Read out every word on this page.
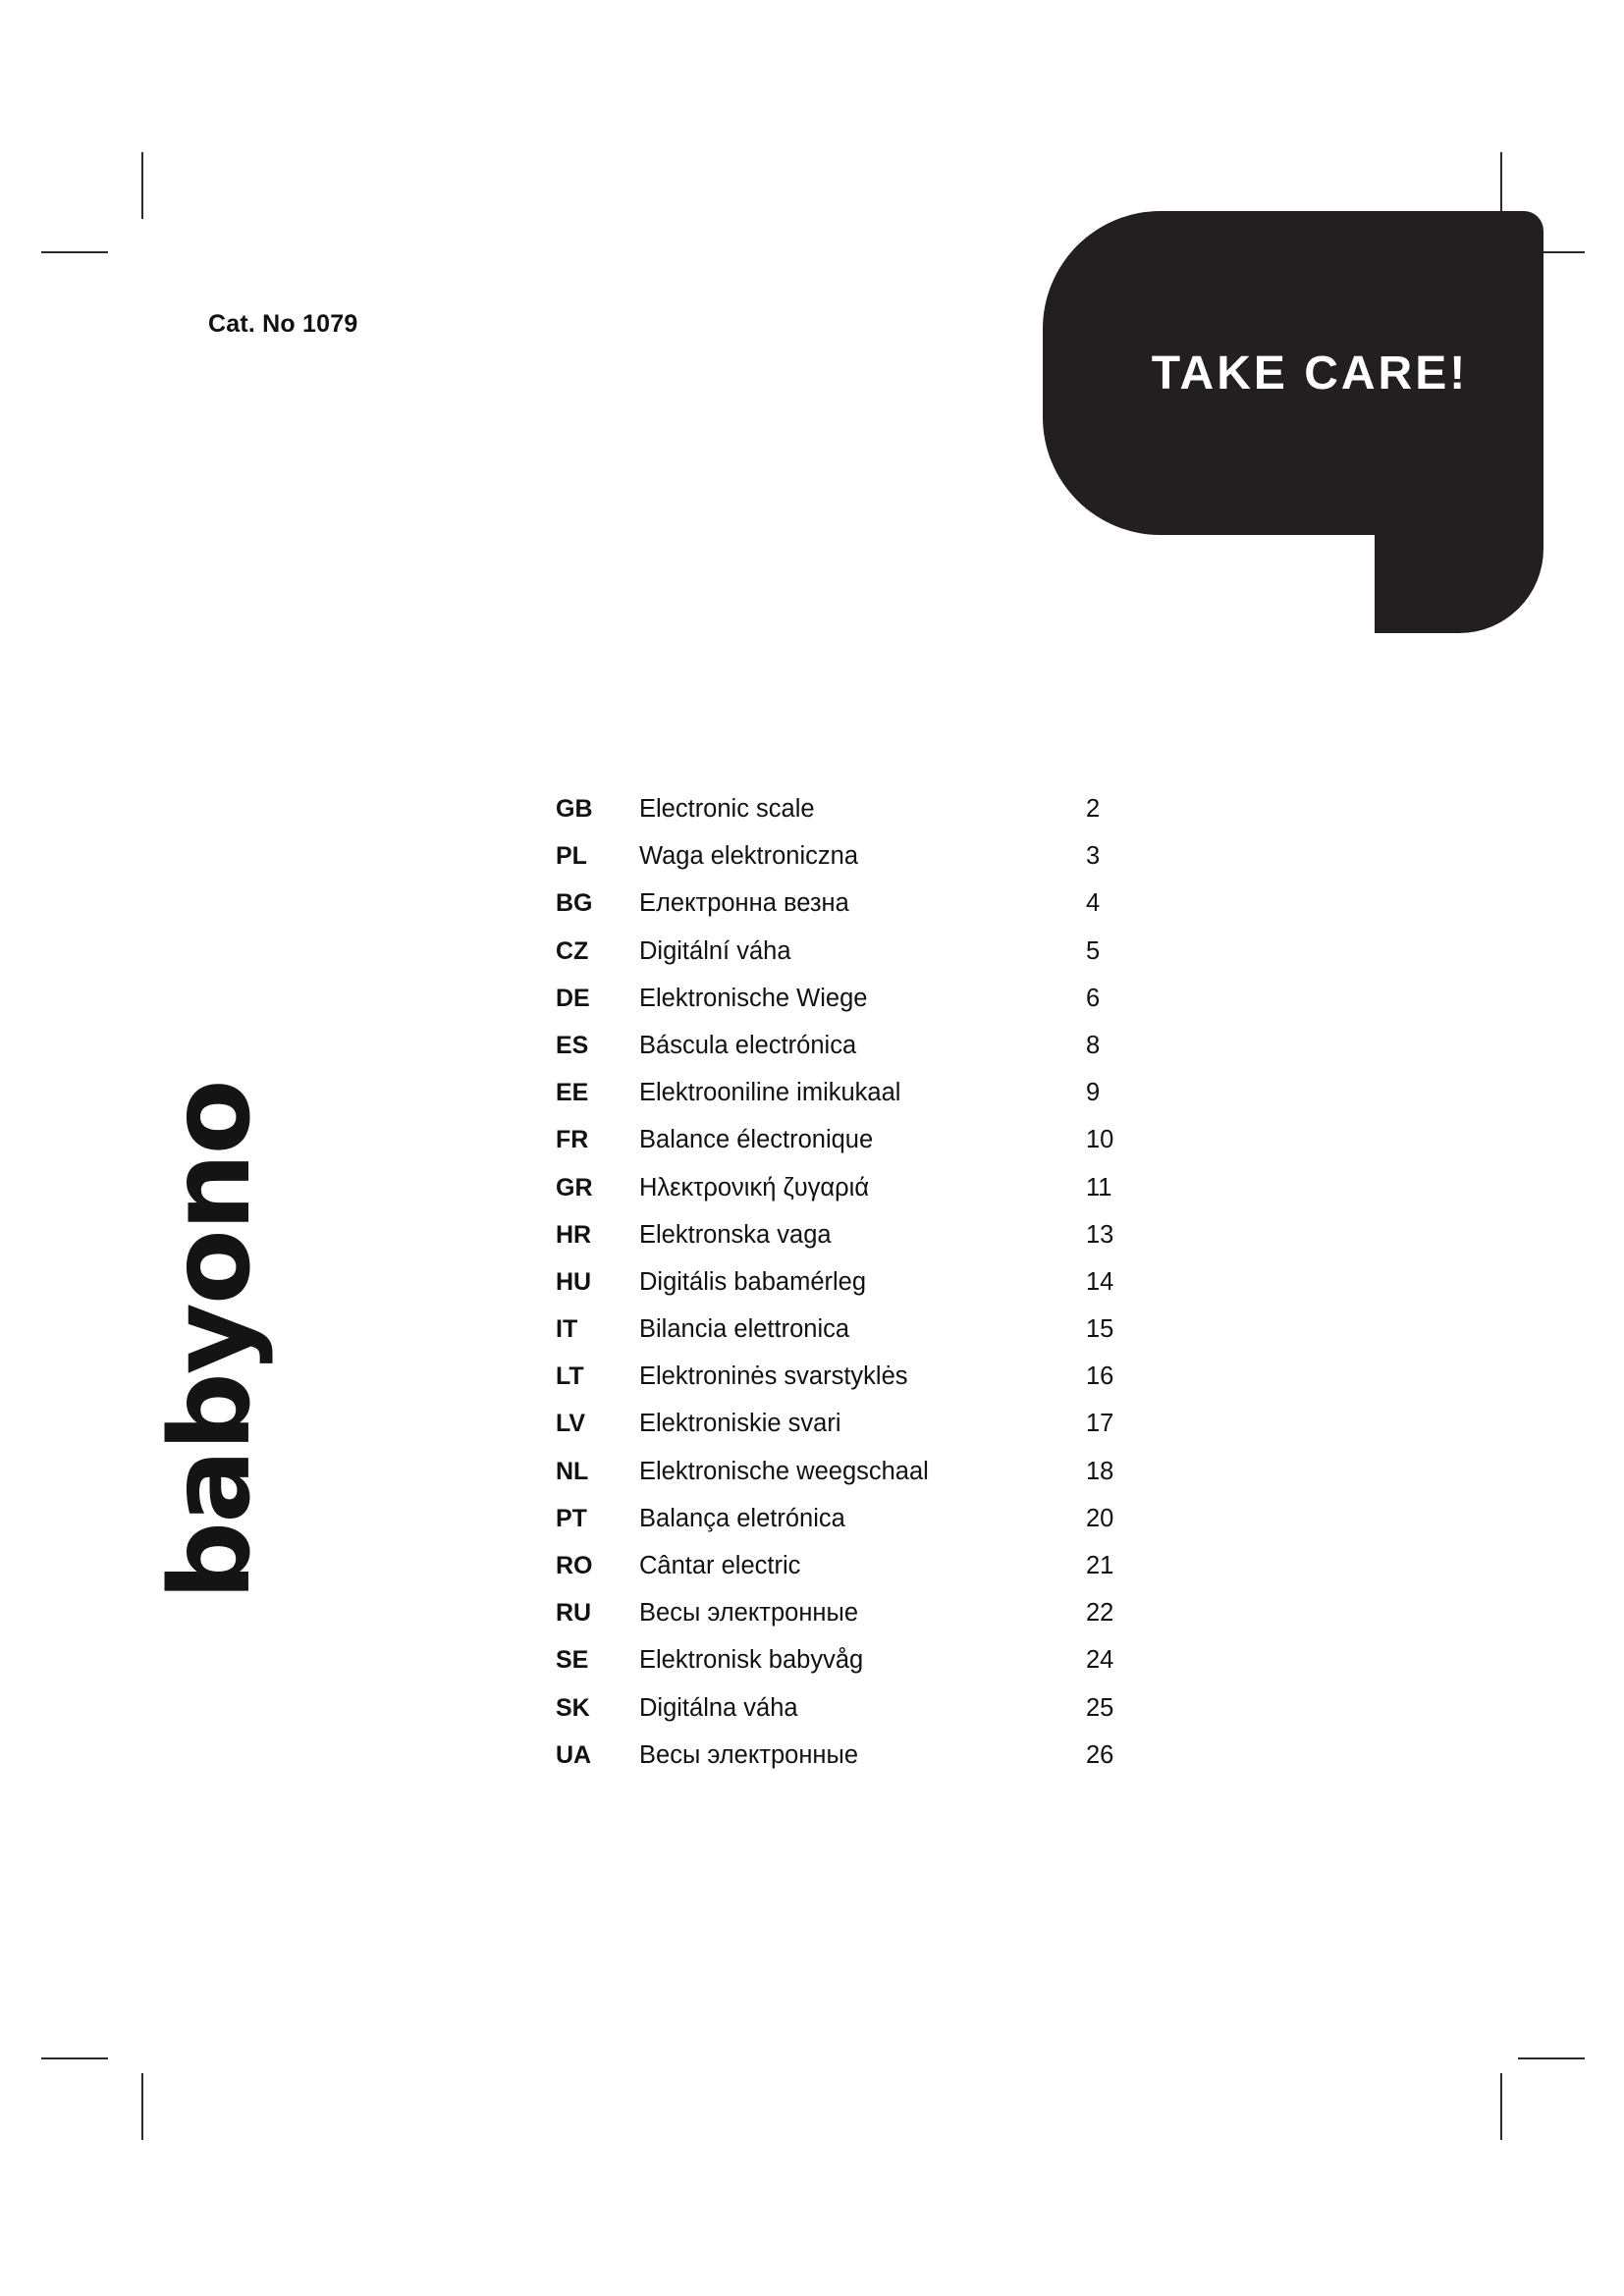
Cat. No 1079
TAKE CARE!
babyono
GB	Electronic scale	2
PL	Waga elektroniczna	3
BG	Електронна везна	4
CZ	Digitální váha	5
DE	Elektronische Wiege	6
ES	Báscula electrónica	8
EE	Elektrooniline imikukaal	9
FR	Balance électronique	10
GR	Ηλεκτρονική ζυγαριά	11
HR	Elektronska vaga	13
HU	Digitális babamérleg	14
IT	Bilancia elettronica	15
LT	Elektroninės svarstyklės	16
LV	Elektroniskie svari	17
NL	Elektronische weegschaal	18
PT	Balança eletrónica	20
RO	Cântar electric	21
RU	Весы электронные	22
SE	Elektronisk babyvåg	24
SK	Digitálna váha	25
UA	Весы электронные	26
